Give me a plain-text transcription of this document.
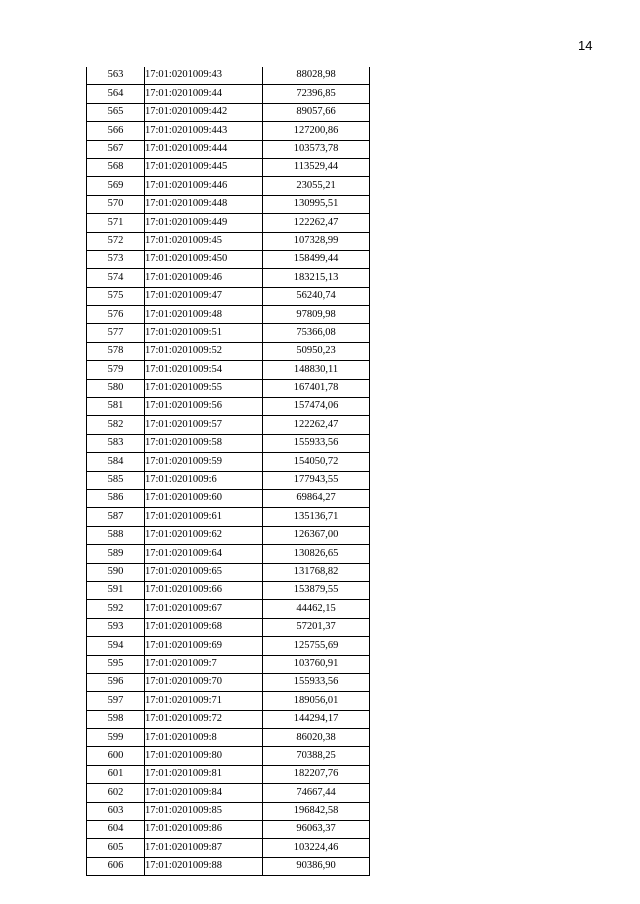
14
563	17:01:0201009:43	88028,98
564	17:01:0201009:44	72396,85
565	17:01:0201009:442	89057,66
566	17:01:0201009:443	127200,86
567	17:01:0201009:444	103573,78
568	17:01:0201009:445	113529,44
569	17:01:0201009:446	23055,21
570	17:01:0201009:448	130995,51
571	17:01:0201009:449	122262,47
572	17:01:0201009:45	107328,99
573	17:01:0201009:450	158499,44
574	17:01:0201009:46	183215,13
575	17:01:0201009:47	56240,74
576	17:01:0201009:48	97809,98
577	17:01:0201009:51	75366,08
578	17:01:0201009:52	50950,23
579	17:01:0201009:54	148830,11
580	17:01:0201009:55	167401,78
581	17:01:0201009:56	157474,06
582	17:01:0201009:57	122262,47
583	17:01:0201009:58	155933,56
584	17:01:0201009:59	154050,72
585	17:01:0201009:6	177943,55
586	17:01:0201009:60	69864,27
587	17:01:0201009:61	135136,71
588	17:01:0201009:62	126367,00
589	17:01:0201009:64	130826,65
590	17:01:0201009:65	131768,82
591	17:01:0201009:66	153879,55
592	17:01:0201009:67	44462,15
593	17:01:0201009:68	57201,37
594	17:01:0201009:69	125755,69
595	17:01:0201009:7	103760,91
596	17:01:0201009:70	155933,56
597	17:01:0201009:71	189056,01
598	17:01:0201009:72	144294,17
599	17:01:0201009:8	86020,38
600	17:01:0201009:80	70388,25
601	17:01:0201009:81	182207,76
602	17:01:0201009:84	74667,44
603	17:01:0201009:85	196842,58
604	17:01:0201009:86	96063,37
605	17:01:0201009:87	103224,46
606	17:01:0201009:88	90386,90
